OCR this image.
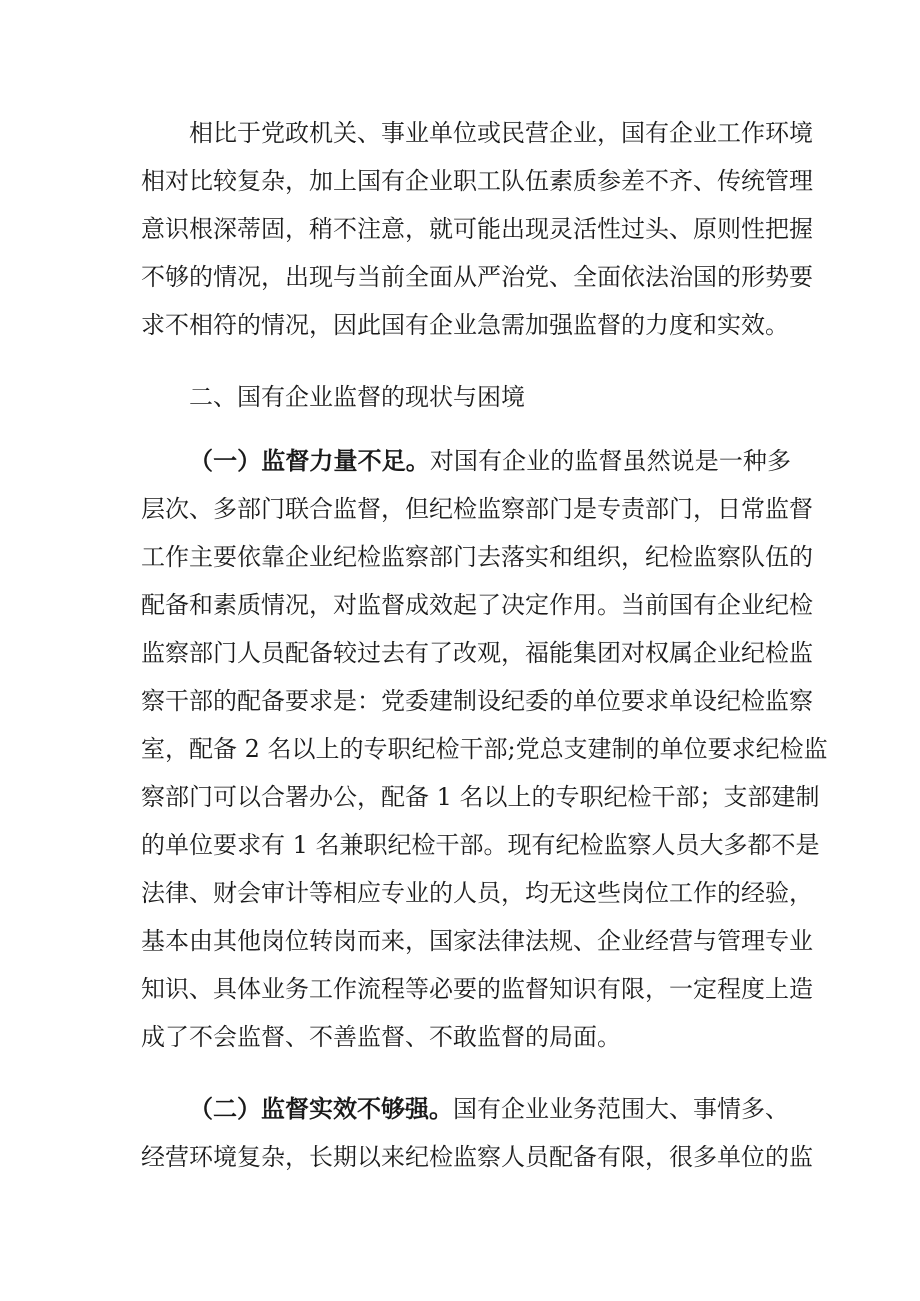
相比于党政机关、事业单位或民营企业，国有企业工作环境
相对比较复杂，加上国有企业职工队伍素质参差不齐、传统管理
意识根深蒂固，稍不注意，就可能出现灵活性过头、原则性把握
不够的情况，出现与当前全面从严治党、全面依法治国的形势要
求不相符的情况，因此国有企业急需加强监督的力度和实效。
二、国有企业监督的现状与困境
（一）监督力量不足。对国有企业的监督虽然说是一种多
层次、多部门联合监督，但纪检监察部门是专责部门，日常监督
工作主要依靠企业纪检监察部门去落实和组织，纪检监察队伍的
配备和素质情况，对监督成效起了决定作用。当前国有企业纪检
监察部门人员配备较过去有了改观，福能集团对权属企业纪检监
察干部的配备要求是：党委建制设纪委的单位要求单设纪检监察
室，配备 2 名以上的专职纪检干部;党总支建制的单位要求纪检监
察部门可以合署办公，配备 1 名以上的专职纪检干部；支部建制
的单位要求有 1 名兼职纪检干部。现有纪检监察人员大多都不是
法律、财会审计等相应专业的人员，均无这些岗位工作的经验，
基本由其他岗位转岗而来，国家法律法规、企业经营与管理专业
知识、具体业务工作流程等必要的监督知识有限，一定程度上造
成了不会监督、不善监督、不敢监督的局面。
（二）监督实效不够强。国有企业业务范围大、事情多、
经营环境复杂，长期以来纪检监察人员配备有限，很多单位的监
